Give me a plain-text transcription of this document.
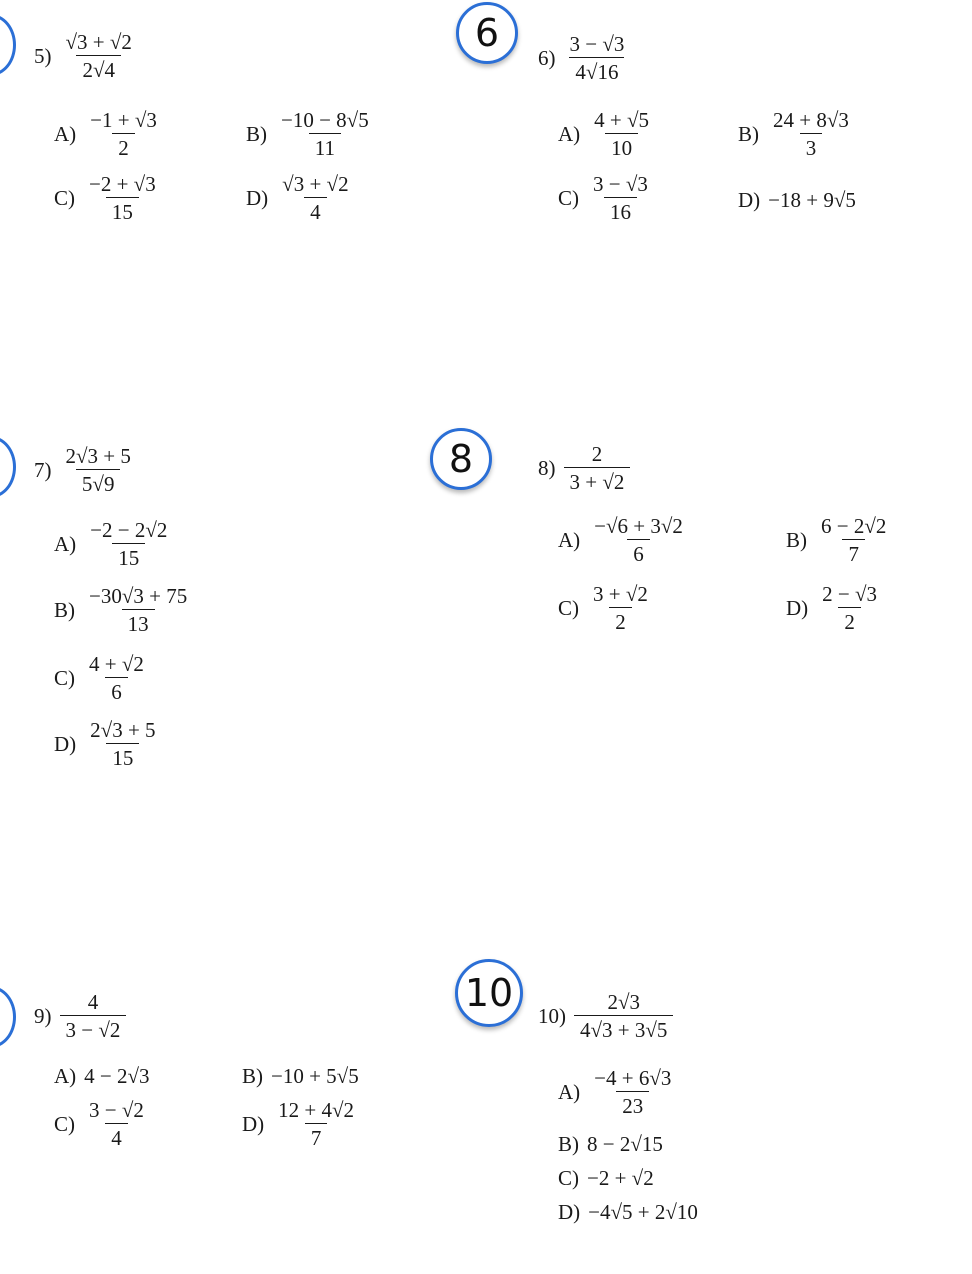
6
8
10
$5) \frac{√3 + √2}{2√4}$
$A) \frac{-1 + √3}{2}$	$B) \frac{-10 - 8√5}{11}$
$C) \frac{-2 + √3}{15}$	$D) \frac{√3 + √2}{4}$
$6) \frac{3 - √3}{4√16}$
$A) \frac{4 + √5}{10}$	$B) \frac{24 + 8√3}{3}$
$C) \frac{3 - √3}{16}$	D) −18 + 9√5
$7) \frac{2√3 + 5}{5√9}$
$A) \frac{-2 - 2√2}{15}$
$B) \frac{-30√3 + 75}{13}$
$C) \frac{4 + √2}{6}$
$D) \frac{2√3 + 5}{15}$
$8) \frac{2}{3 + √2}$
$A) \frac{-√6 + 3√2}{6}$	$B) \frac{6 - 2√2}{7}$
$C) \frac{3 + √2}{2}$	$D) \frac{2 - √3}{2}$
$9) \frac{4}{3 - √2}$
A) 4 − 2√3	B) −10 + 5√5
$C) \frac{3 - √2}{4}$	$D) \frac{12 + 4√2}{7}$
$10) \frac{2√3}{4√3 + 3√5}$
$A) \frac{-4 + 6√3}{23}$
B) 8 − 2√15
C) −2 + √2
D) −4√5 + 2√10
